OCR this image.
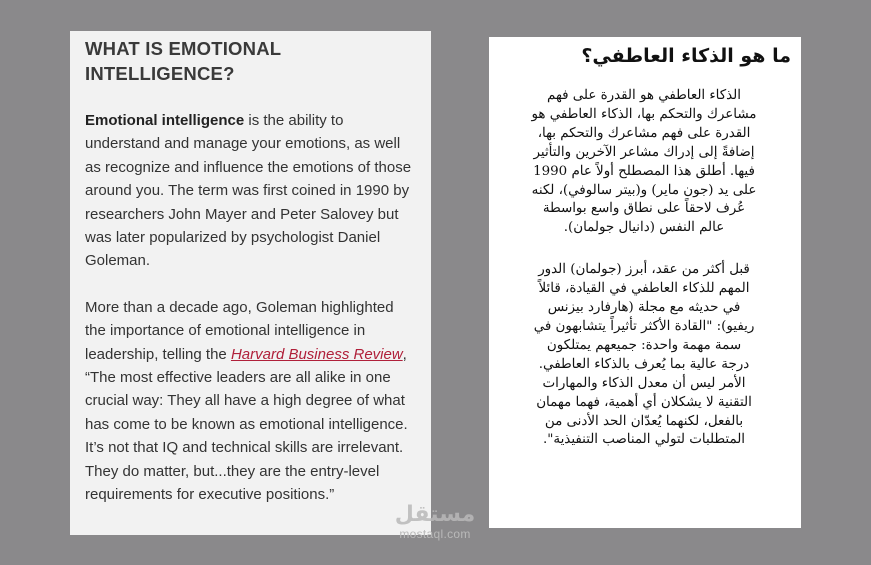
WHAT IS EMOTIONAL
INTELLIGENCE?

Emotional intelligence is the ability to understand and manage your emotions, as well as recognize and influence the emotions of those around you. The term was first coined in 1990 by researchers John Mayer and Peter Salovey but was later popularized by psychologist Daniel Goleman.

More than a decade ago, Goleman highlighted the importance of emotional intelligence in leadership, telling the Harvard Business Review, “The most effective leaders are all alike in one crucial way: They all have a high degree of what has come to be known as emotional intelligence. It’s not that IQ and technical skills are irrelevant. They do matter, but...they are the entry-level requirements for executive positions.”

ما هو الذكاء العاطفي؟

الذكاء العاطفي هو القدرة على فهم مشاعرك والتحكم بها، الذكاء العاطفي هو القدرة على فهم مشاعرك والتحكم بها، إضافةً إلى إدراك مشاعر الآخرين والتأثير فيها. أطلق هذا المصطلح أولاً عام 1990 على يد (جون ماير) و(بيتر سالوفي)، لكنه عُرف لاحقاً على نطاق واسع بواسطة عالم النفس (دانيال جولمان).

قبل أكثر من عقد، أبرز (جولمان) الدور المهم للذكاء العاطفي في القيادة، قائلاً في حديثه مع مجلة (هارفارد بيزنس ريفيو): "القادة الأكثر تأثيراً يتشابهون في سمة مهمة واحدة: جميعهم يمتلكون درجة عالية بما يُعرف بالذكاء العاطفي. الأمر ليس أن معدل الذكاء والمهارات التقنية لا يشكلان أي أهمية، فهما مهمان بالفعل، لكنهما يُعدّان الحد الأدنى من المتطلبات لتولي المناصب التنفيذية".

مستقل
mostaql.com
